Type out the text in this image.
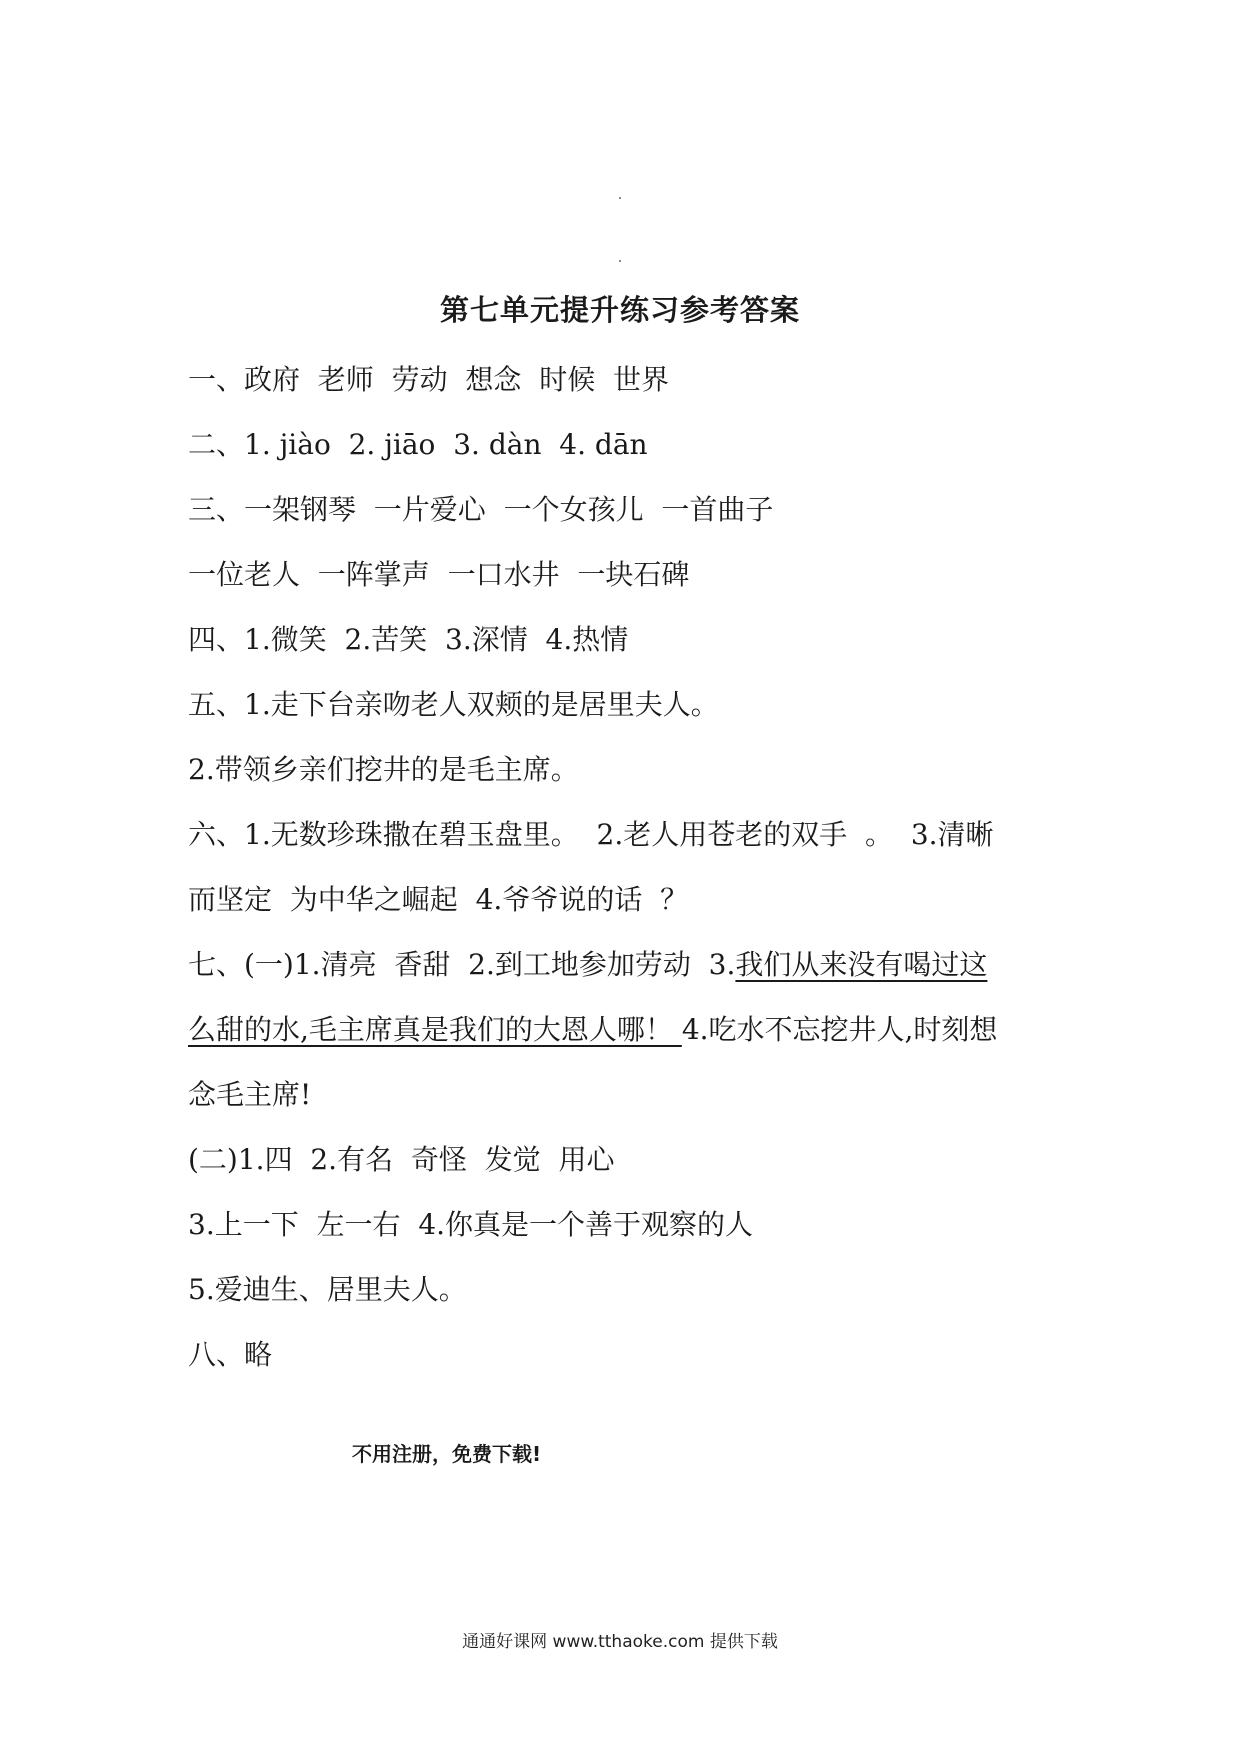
第七单元提升练习参考答案
一、政府  老师  劳动  想念  时候  世界
二、1. jiào  2. jiāo  3. dàn  4. dān
三、一架钢琴  一片爱心  一个女孩儿  一首曲子
一位老人  一阵掌声  一口水井  一块石碑
四、1.微笑  2.苦笑  3.深情  4.热情
五、1.走下台亲吻老人双颊的是居里夫人。
2.带领乡亲们挖井的是毛主席。
六、1.无数珍珠撒在碧玉盘里。  2.老人用苍老的双手  。  3.清晰
而坚定  为中华之崛起  4.爷爷说的话  ？
七、(一)1.清亮  香甜  2.到工地参加劳动  3.我们从来没有喝过这
么甜的水,毛主席真是我们的大恩人哪！ 4.吃水不忘挖井人,时刻想
念毛主席!
(二)1.四  2.有名  奇怪  发觉  用心
3.上一下  左一右  4.你真是一个善于观察的人
5.爱迪生、居里夫人。
八、略
不用注册，免费下载!
通通好课网 www.tthaoke.com 提供下载
